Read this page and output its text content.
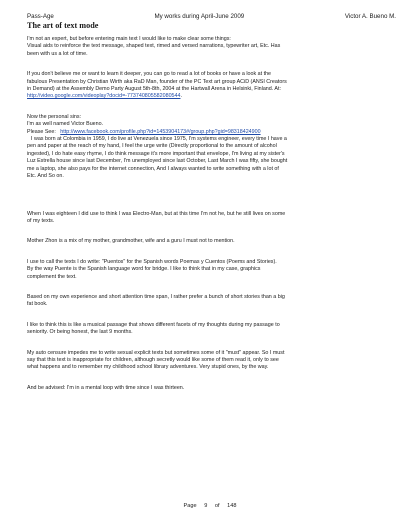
Pass-Age	My works during April-June 2009	Victor A. Bueno M.
The art of text mode

I'm not an expert, but before entering main text I would like to make clear some things:

Visual aids to reinforce the text message, shaped text, rimed and versed narrations, typewriter art, Etc. Has

been with us a lot of time.

If you don't believe me or want to learn it deeper, you can go to read a lot of books or have a look at the

fabulous Presentation by Christian Wirth aka RaD Man, founder of the PC Text art group ACiD (ANSI Creators

in Demand) at the Assembly Demo Party August 5th-8th, 2004 at the Hartwall Arena in Helsinki, Finland. At:

http://video.google.com/videoplay?docid=-773740805582080544.

Now the personal sins:

I'm as well named Victor Bueno.

Please See: http://www.facebook.com/profile.php?id=1453904173#/group.php?gid=98318424900

I was born at Colombia in 1959, I do live at Venezuela since 1975, I'm systems engineer, every time I have a

pen and paper at the reach of my hand, I feel the urge write (Directly proportional to the amount of alcohol

ingested), I do hate easy rhyme, I do think message it's more important that envelope, I'm living at my sister's

Luz Estrella house since last December, I'm unemployed since last October, Last March I was fifty, she bought

me a laptop, she also pays for the internet connection, And I always wanted to write something with a lot of

Etc. And So on.

When I was eighteen I did use to think I was Electro-Man, but at this time I'm not he, but he still lives on some

of my texts.

Mother Zhon is a mix of my mother, grandmother, wife and a guru I must not to mention.

I use to call the texts I do write: "Puentos" for the Spanish words Poemas y Cuentos (Poems and Stories).

By the way Puente is the Spanish language word for bridge. I like to think that in my case, graphics

complement the text.

Based on my own experience and short attention time span, I rather prefer a bunch of short stories than a big

fat book.

I like to think this is like a musical passage that shows different facets of my thoughts during my passage to

seniority. Or being honest, the last 9 months.

My auto censure impedes me to write sexual explicit texts but sometimes some of it "must" appear. So I must

say that this text is inappropriate for children, although secretly would like some of them read it, only to see

what happens and to remember my childhood school library adventures. Very stupid ones, by the way.

And be advised: I'm in a mental loop with time since I was thirteen.

Page 9 of 148
